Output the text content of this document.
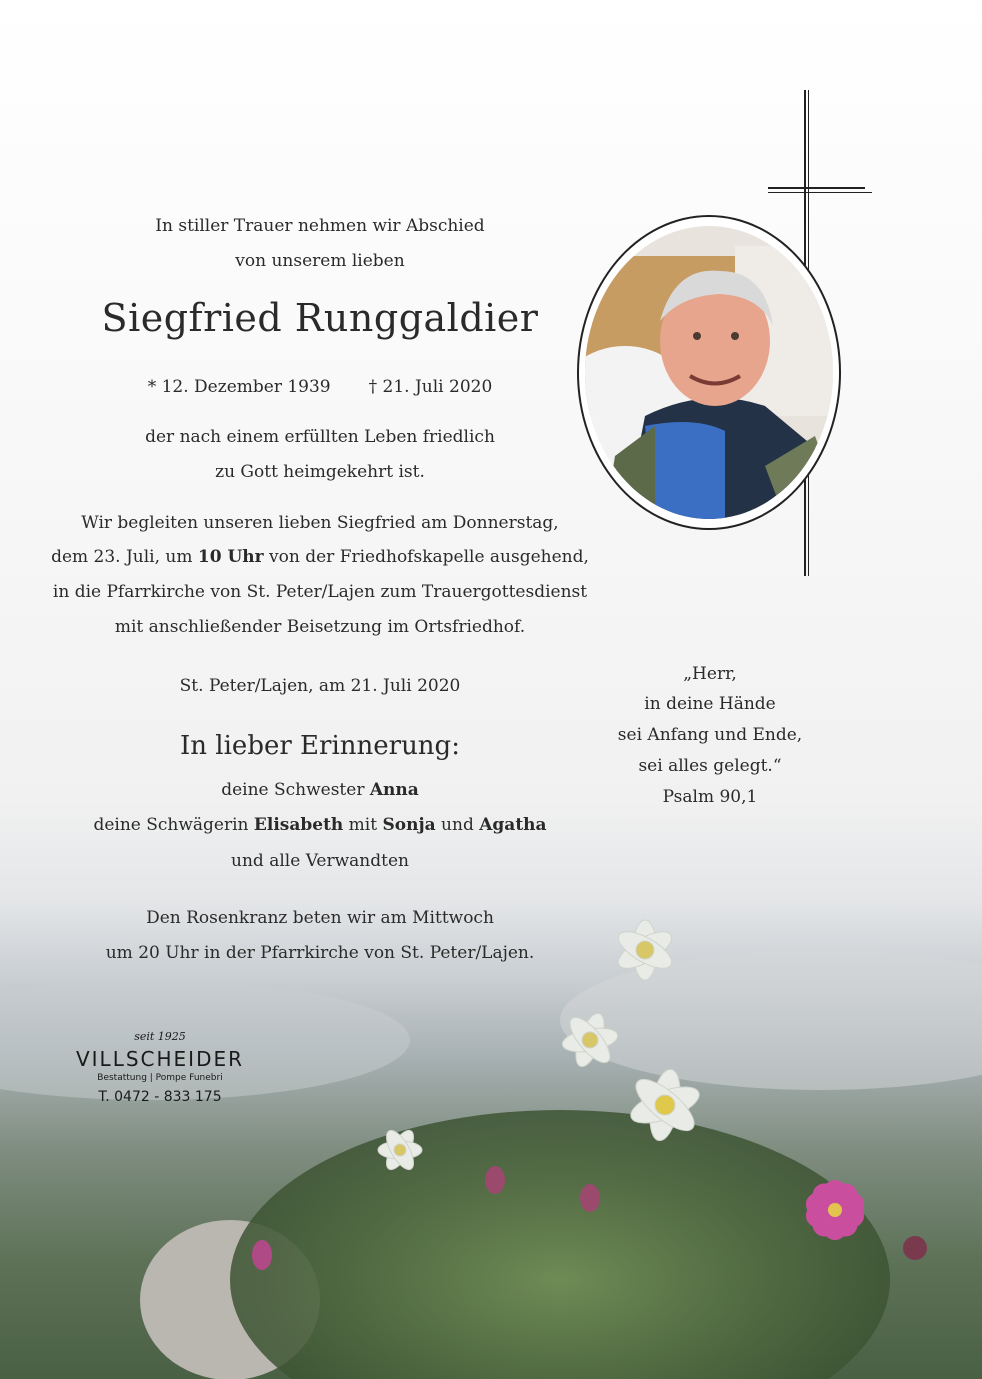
In stiller Trauer nehmen wir Abschied
von unserem lieben
Siegfried Runggaldier
* 12. Dezember 1939 † 21. Juli 2020
der nach einem erfüllten Leben friedlich
zu Gott heimgekehrt ist.
Wir begleiten unseren lieben Siegfried am Donnerstag,
dem 23. Juli, um 10 Uhr von der Friedhofskapelle ausgehend,
in die Pfarrkirche von St. Peter/Lajen zum Trauergottesdienst
mit anschließender Beisetzung im Ortsfriedhof.
St. Peter/Lajen, am 21. Juli 2020
In lieber Erinnerung:
deine Schwester Anna
deine Schwägerin Elisabeth mit Sonja und Agatha
und alle Verwandten
Den Rosenkranz beten wir am Mittwoch
um 20 Uhr in der Pfarrkirche von St. Peter/Lajen.
„Herr,
in deine Hände
sei Anfang und Ende,
sei alles gelegt.“
Psalm 90,1
seit 1925
VILLSCHEIDER
Bestattung | Pompe Funebri
T. 0472 - 833 175
